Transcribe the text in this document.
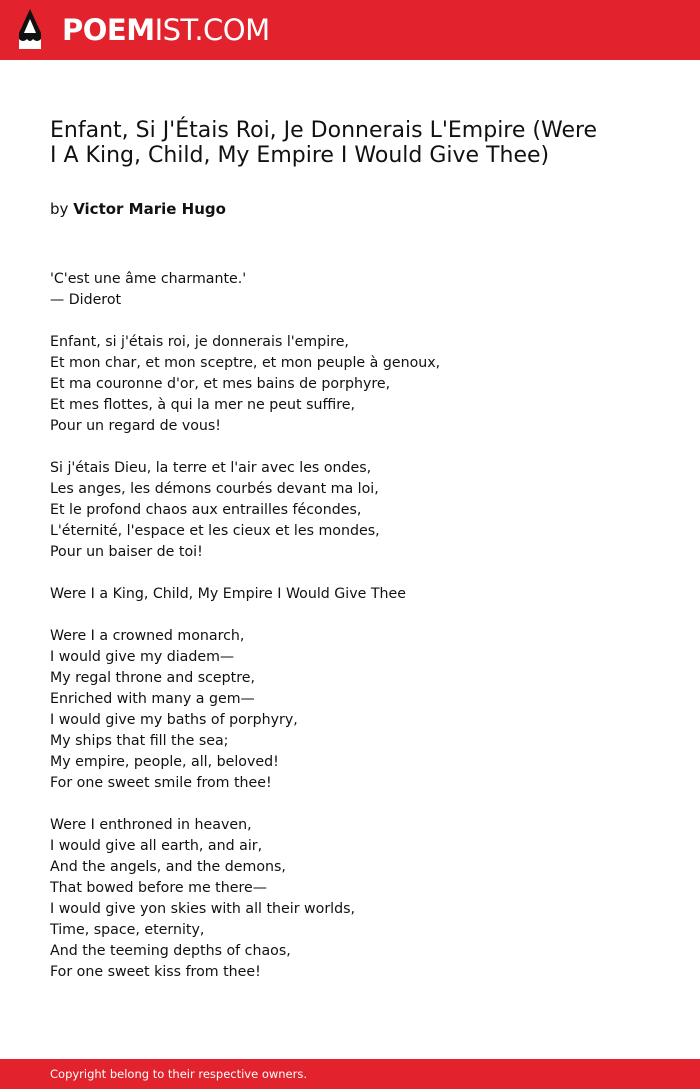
POEMIST.COM
Enfant, Si J'Étais Roi, Je Donnerais L'Empire (Were I A King, Child, My Empire I Would Give Thee)
by Victor Marie Hugo
'C'est une âme charmante.'
— Diderot
Enfant, si j'étais roi, je donnerais l'empire,
Et mon char, et mon sceptre, et mon peuple à genoux,
Et ma couronne d'or, et mes bains de porphyre,
Et mes flottes, à qui la mer ne peut suffire,
Pour un regard de vous!
Si j'étais Dieu, la terre et l'air avec les ondes,
Les anges, les démons courbés devant ma loi,
Et le profond chaos aux entrailles fécondes,
L'éternité, l'espace et les cieux et les mondes,
Pour un baiser de toi!
Were I a King, Child, My Empire I Would Give Thee
Were I a crowned monarch,
I would give my diadem—
My regal throne and sceptre,
Enriched with many a gem—
I would give my baths of porphyry,
My ships that fill the sea;
My empire, people, all, beloved!
For one sweet smile from thee!
Were I enthroned in heaven,
I would give all earth, and air,
And the angels, and the demons,
That bowed before me there—
I would give yon skies with all their worlds,
Time, space, eternity,
And the teeming depths of chaos,
For one sweet kiss from thee!
Copyright belong to their respective owners.
